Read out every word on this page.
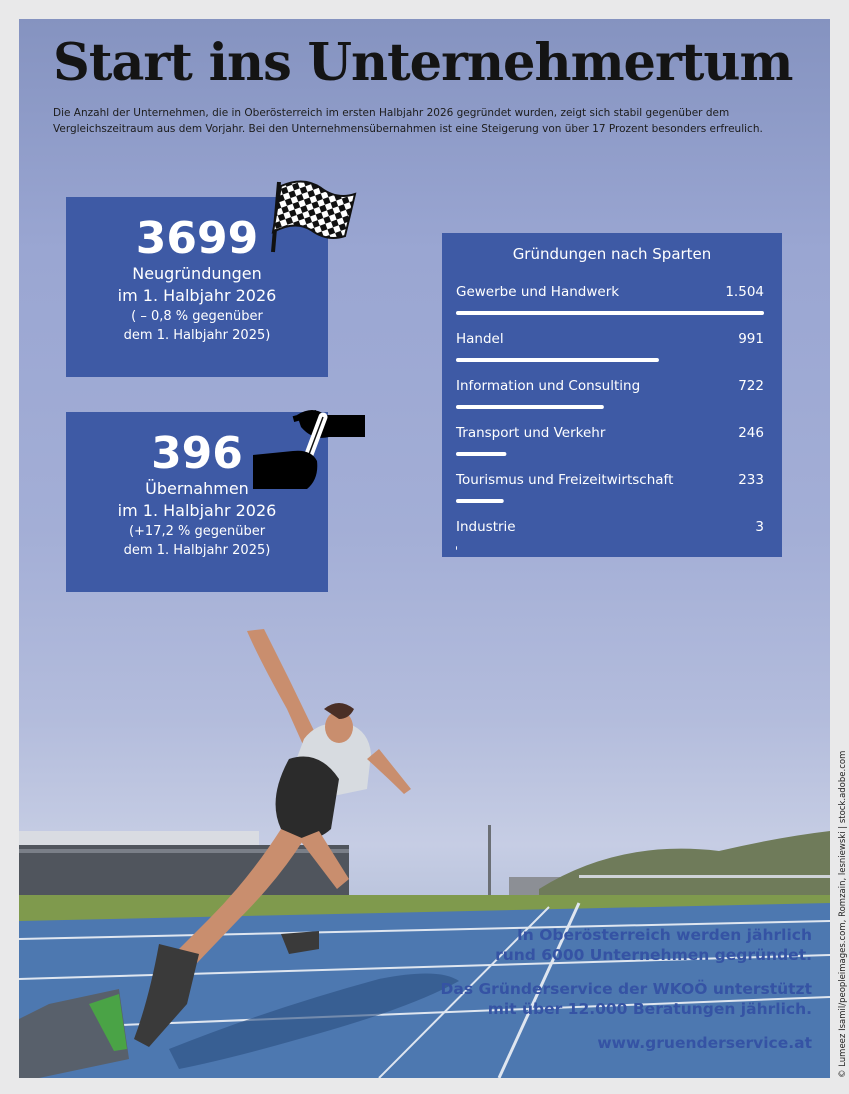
Start ins Unternehmertum

Die Anzahl der Unternehmen, die in Oberösterreich im ersten Halbjahr 2026 gegründet wurden, zeigt sich stabil gegenüber dem Vergleichszeitraum aus dem Vorjahr. Bei den Unternehmensübernahmen ist eine Steigerung von über 17 Prozent besonders erfreulich.

3699
Neugründungen
im 1. Halbjahr 2026
( – 0,8 % gegenüber
dem 1. Halbjahr 2025)
396
Übernahmen
im 1. Halbjahr 2026
(+17,2 % gegenüber
dem 1. Halbjahr 2025)
Gründungen nach Sparten
Gewerbe und Handwerk	1.504
Handel	991
Information und Consulting	722
Transport und Verkehr	246
Tourismus und Freizeitwirtschaft	233
Industrie	3

In Oberösterreich werden jährlich

rund 6000 Unternehmen gegründet.

Das Gründerservice der WKOÖ unterstützt

mit über 12.000 Beratungen jährlich.

www.gruenderservice.at	© Lumeez Isamil/peopleimages.com, Romzain, lesniewski | stock.adobe.com
